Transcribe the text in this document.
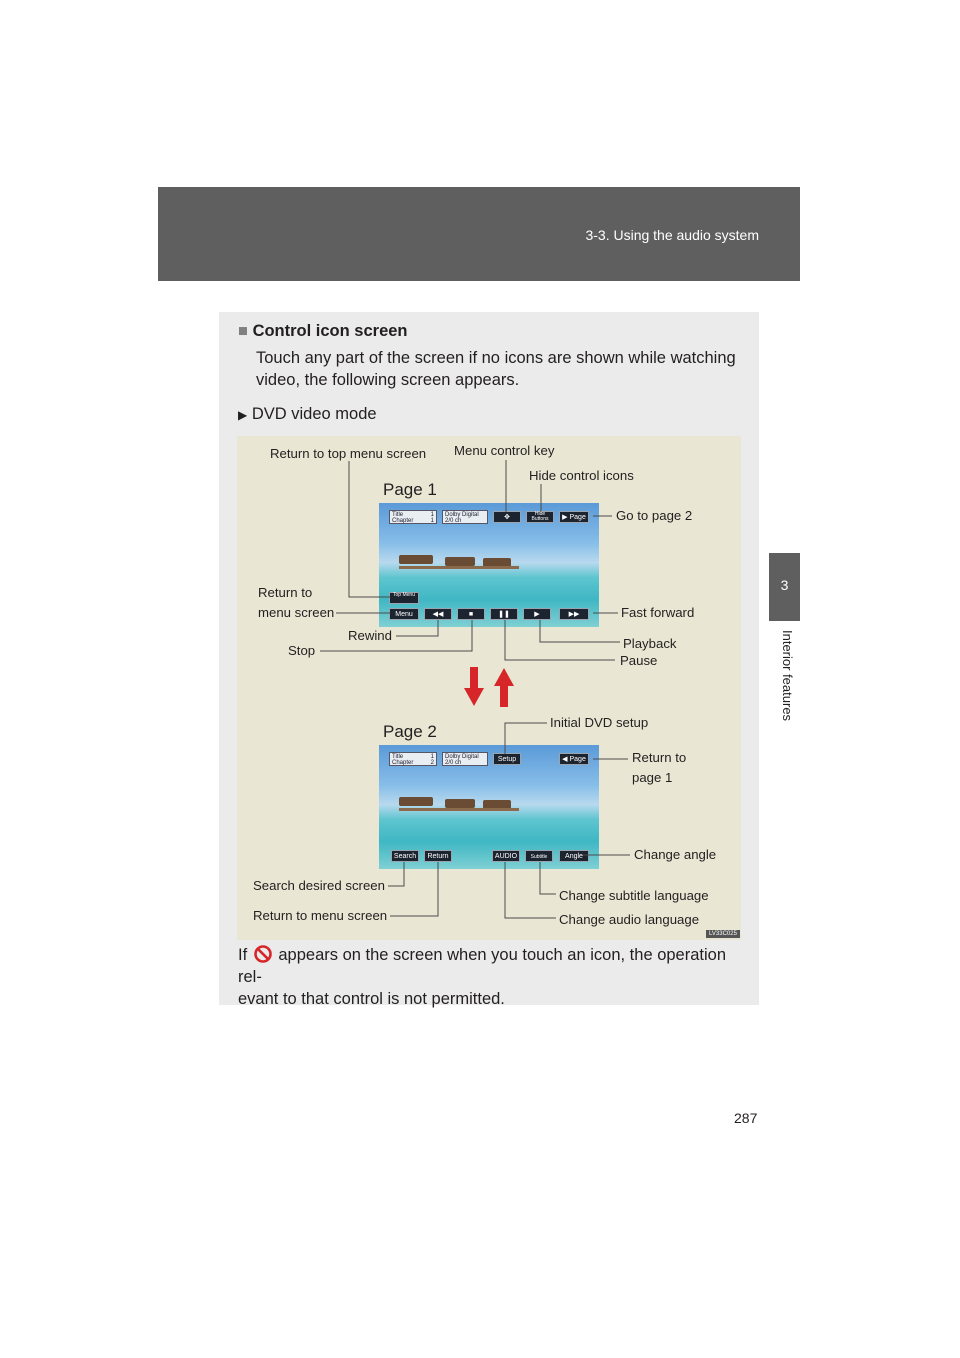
3-3. Using the audio system
3
Interior features
■ Control icon screen
Touch any part of the screen if no icons are shown while watching video, the following screen appears.
▶ DVD video mode
Page 1
Page 2
Title	1

Chapter	1
Dolby Digital
2/0 ch	✥	Hide Buttons	▶ Page
Top Menu
Menu	◀◀	■	❚❚	▶	▶▶
Title	1

Chapter	2
Dolby Digital
2/0 ch	Setup	◀ Page
Search	Return	AUDIO	Subtitle	Angle
Menu control key
Return to top menu screen
Hide control icons
Go to page 2
Return to
menu screen	Fast forward
Rewind
Playback
Stop
Pause
Initial DVD setup
Return to
page 1
Change angle
Search desired screen
Change subtitle language
Return to menu screen	Change audio language
LV33C025
If appears on the screen when you touch an icon, the operation rel-
evant to that control is not permitted.
287
